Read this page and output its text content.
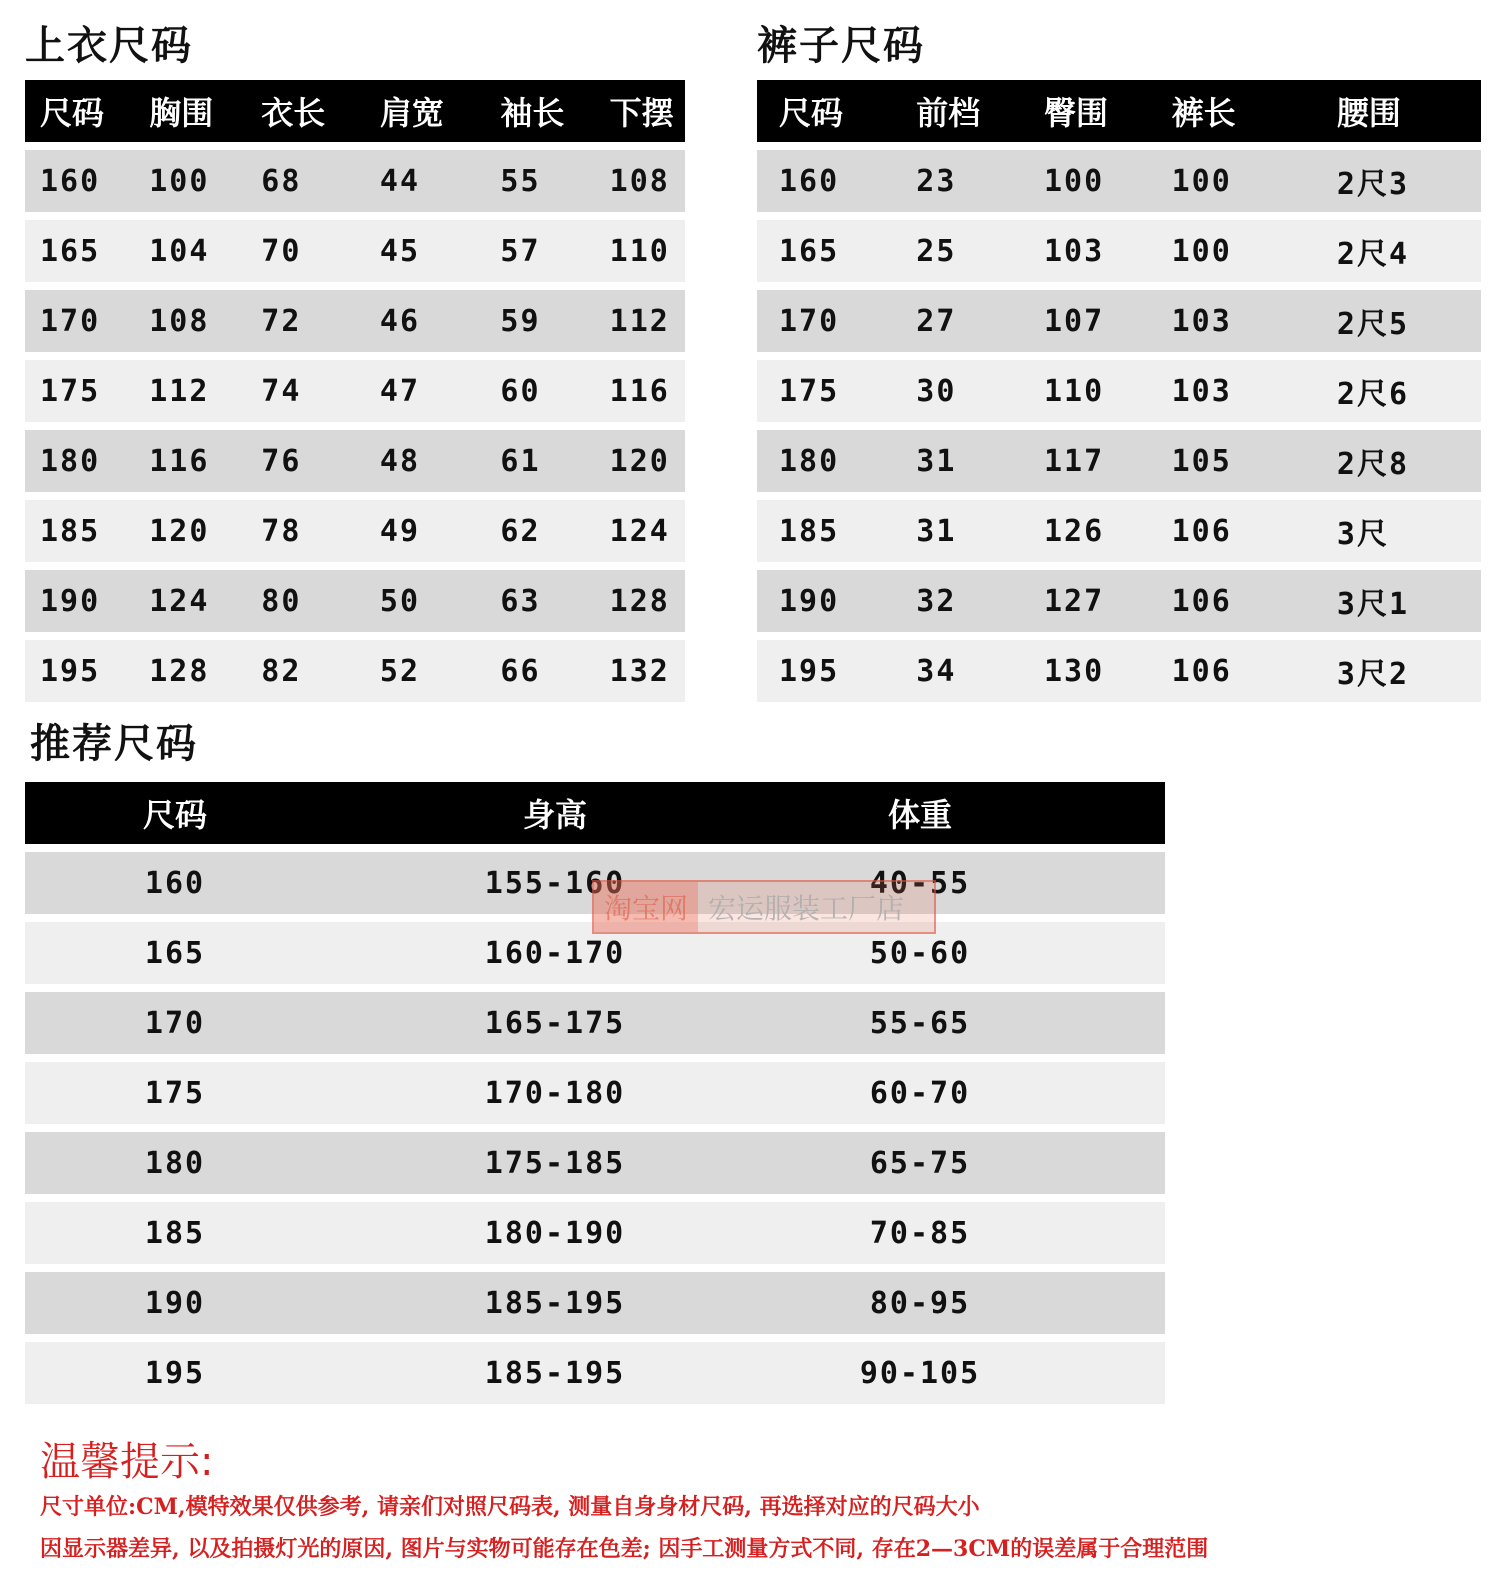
上衣尺码	裤子尺码
推荐尺码
尺码	胸围	衣长	肩宽	袖长	下摆
160	100	68	44	55	108
165	104	70	45	57	110
170	108	72	46	59	112
175	112	74	47	60	116
180	116	76	48	61	120
185	120	78	49	62	124
190	124	80	50	63	128
195	128	82	52	66	132
尺码	前档	臀围	裤长	腰围
160	23	100	100	2尺3
165	25	103	100	2尺4
170	27	107	103	2尺5
175	30	110	103	2尺6
180	31	117	105	2尺8
185	31	126	106	3尺
190	32	127	106	3尺1
195	34	130	106	3尺2
尺码	身高	体重
160	155-160	40-55
165	160-170	50-60
170	165-175	55-65
175	170-180	60-70
180	175-185	65-75
185	180-190	70-85
190	185-195	80-95
195	185-195	90-105
淘宝网 宏运服装工厂店
温馨提示:
尺寸单位:CM,模特效果仅供参考, 请亲们对照尺码表, 测量自身身材尺码, 再选择对应的尺码大小
因显示器差异, 以及拍摄灯光的原因, 图片与实物可能存在色差; 因手工测量方式不同, 存在2—3CM的误差属于合理范围
